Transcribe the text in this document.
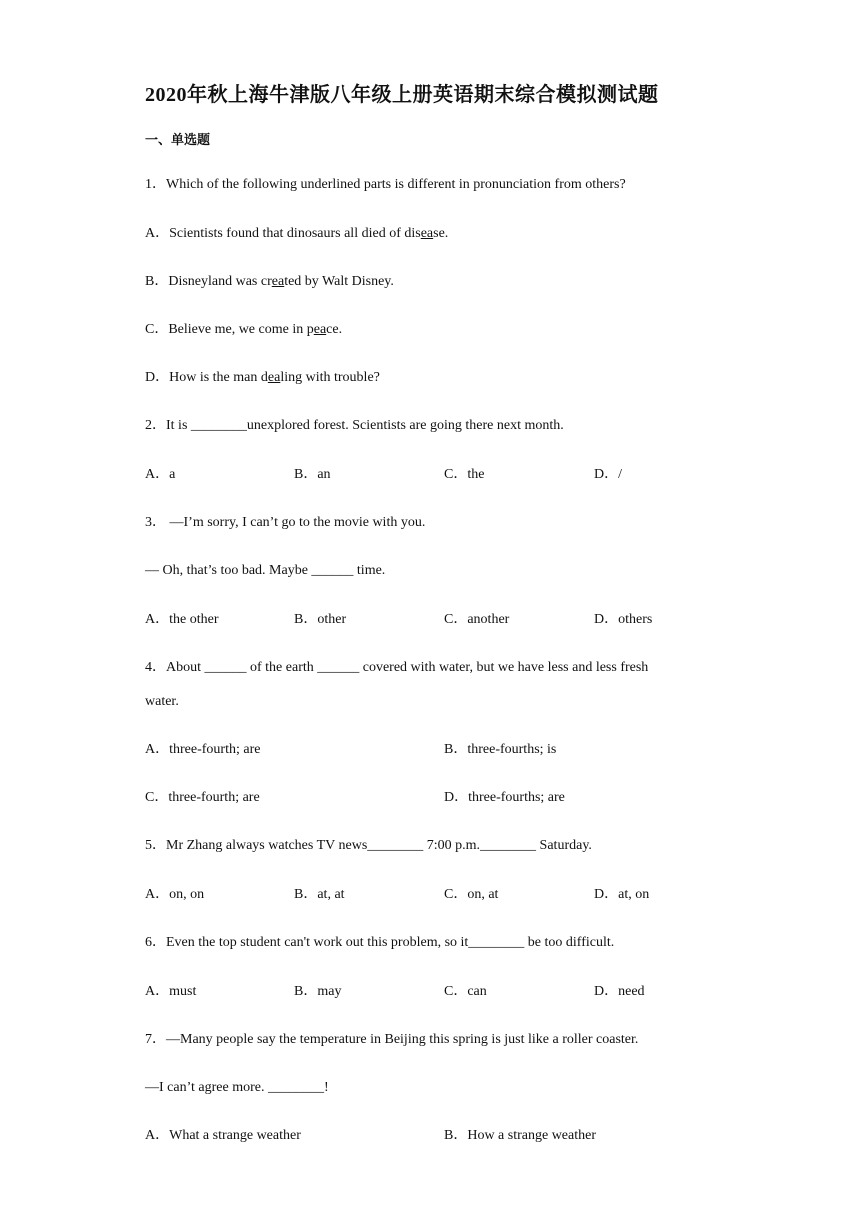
2020年秋上海牛津版八年级上册英语期末综合模拟测试题
一、单选题
1．Which of the following underlined parts is different in pronunciation from others?
A．Scientists found that dinosaurs all died of disease.
B．Disneyland was created by Walt Disney.
C．Believe me, we come in peace.
D．How is the man dealing with trouble?
2．It is ________unexplored forest. Scientists are going there next month.
A．a	B．an	C．the	D．/
3． —I’m sorry, I can’t go to the movie with you.
— Oh, that’s too bad. Maybe ______ time.
A．the other	B．other	C．another	D．others
4．About ______ of the earth ______ covered with water, but we have less and less fresh
water.
A．three-fourth; are	B．three-fourths; is
C．three-fourth; are	D．three-fourths; are
5．Mr Zhang always watches TV news________ 7:00 p.m.________ Saturday.
A．on, on	B．at, at	C．on, at	D．at, on
6．Even the top student can't work out this problem, so it________ be too difficult.
A．must	B．may	C．can	D．need
7．—Many people say the temperature in Beijing this spring is just like a roller coaster.
—I can’t agree more. ________!
A．What a strange weather	B．How a strange weather
